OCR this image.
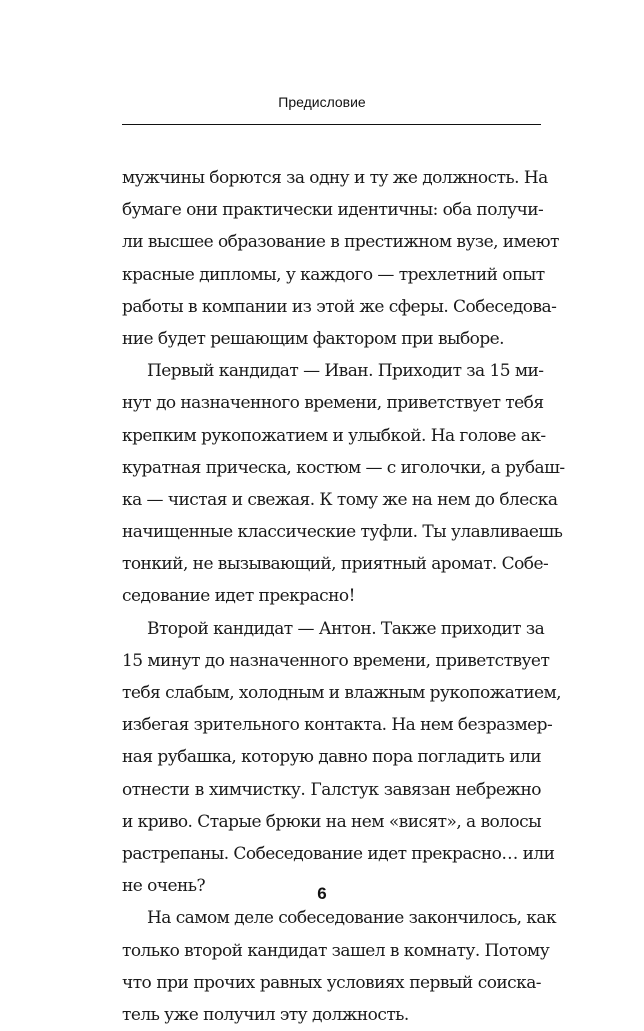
Предисловие
мужчины борются за одну и ту же должность. На
бумаге они практически идентичны: оба получи-
ли высшее образование в престижном вузе, имеют
красные дипломы, у каждого — трехлетний опыт
работы в компании из этой же сферы. Собеседова-
ние будет решающим фактором при выборе.
Первый кандидат — Иван. Приходит за 15 ми-
нут до назначенного времени, приветствует тебя
крепким рукопожатием и улыбкой. На голове ак-
куратная прическа, костюм — с иголочки, а рубаш-
ка — чистая и свежая. К тому же на нем до блеска
начищенные классические туфли. Ты улавливаешь
тонкий, не вызывающий, приятный аромат. Собе-
седование идет прекрасно!
Второй кандидат — Антон. Также приходит за
15 минут до назначенного времени, приветствует
тебя слабым, холодным и влажным рукопожатием,
избегая зрительного контакта. На нем безразмер-
ная рубашка, которую давно пора погладить или
отнести в химчистку. Галстук завязан небрежно
и криво. Старые брюки на нем «висят», а волосы
растрепаны. Собеседование идет прекрасно… или
не очень?
На самом деле собеседование закончилось, как
только второй кандидат зашел в комнату. Потому
что при прочих равных условиях первый соиска-
тель уже получил эту должность.
6
